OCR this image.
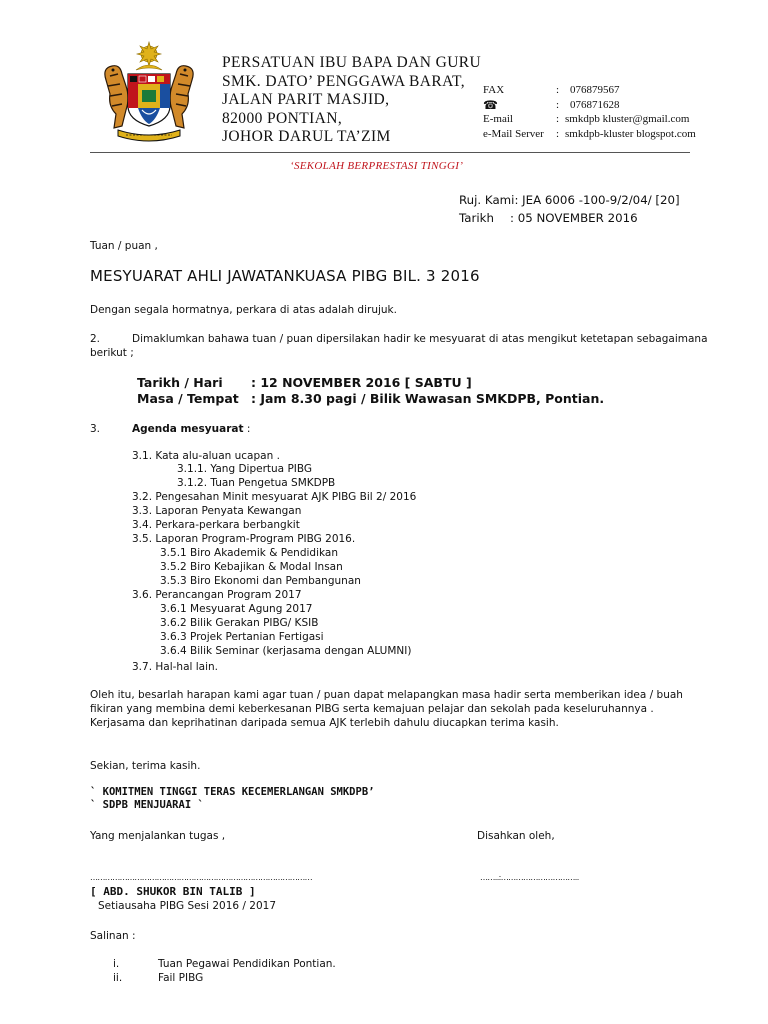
PERSATUAN IBU BAPA DAN GURU
SMK. DATO’ PENGGAWA BARAT,
JALAN PARIT MASJID,
82000 PONTIAN,
JOHOR DARUL TA’ZIM
FAX	: 076879567
☎	: 076871628
E-mail	: smkdpb kluster@gmail.com
e-Mail Server : smkdpb-kluster blogspot.com
‘SEKOLAH BERPRESTASI TINGGI’
Ruj. Kami: JEA 6006 -100-9/2/04/ [20]
Tarikh : 05 NOVEMBER 2016
Tuan / puan ,
MESYUARAT AHLI JAWATANKUASA PIBG BIL. 3 2016
Dengan segala hormatnya, perkara di atas adalah dirujuk.
2.	Dimaklumkan bahawa tuan / puan dipersilakan hadir ke mesyuarat di atas mengikut ketetapan sebagaimana
berikut ;
Tarikh / Hari : 12 NOVEMBER 2016 [ SABTU ]
Masa / Tempat : Jam 8.30 pagi / Bilik Wawasan SMKDPB, Pontian.
3.	Agenda mesyuarat :
3.1. Kata alu-aluan ucapan .
3.1.1. Yang Dipertua PIBG
3.1.2. Tuan Pengetua SMKDPB
3.2. Pengesahan Minit mesyuarat AJK PIBG Bil 2/ 2016
3.3. Laporan Penyata Kewangan
3.4. Perkara-perkara berbangkit
3.5. Laporan Program-Program PIBG 2016.
3.5.1 Biro Akademik & Pendidikan
3.5.2 Biro Kebajikan & Modal Insan
3.5.3 Biro Ekonomi dan Pembangunan
3.6. Perancangan Program 2017
3.6.1 Mesyuarat Agung 2017
3.6.2 Bilik Gerakan PIBG/ KSIB
3.6.3 Projek Pertanian Fertigasi
3.6.4 Bilik Seminar (kerjasama dengan ALUMNI)
3.7. Hal-hal lain.
Oleh itu, besarlah harapan kami agar tuan / puan dapat melapangkan masa hadir serta memberikan idea / buah
fikiran yang membina demi keberkesanan PIBG serta kemajuan pelajar dan sekolah pada keseluruhannya .
Kerjasama dan keprihatinan daripada semua AJK terlebih dahulu diucapkan terima kasih.
Sekian, terima kasih.
` KOMITMEN TINGGI TERAS KECEMERLANGAN SMKDPB’
` SDPB MENJUARAI `
Yang menjalankan tugas ,	Disahkan oleh,
………………………………………………………………………………	……..:…………………………..
[ ABD. SHUKOR BIN TALIB ]
Setiausaha PIBG Sesi 2016 / 2017
Salinan :
i.	Tuan Pegawai Pendidikan Pontian.
ii.	Fail PIBG
